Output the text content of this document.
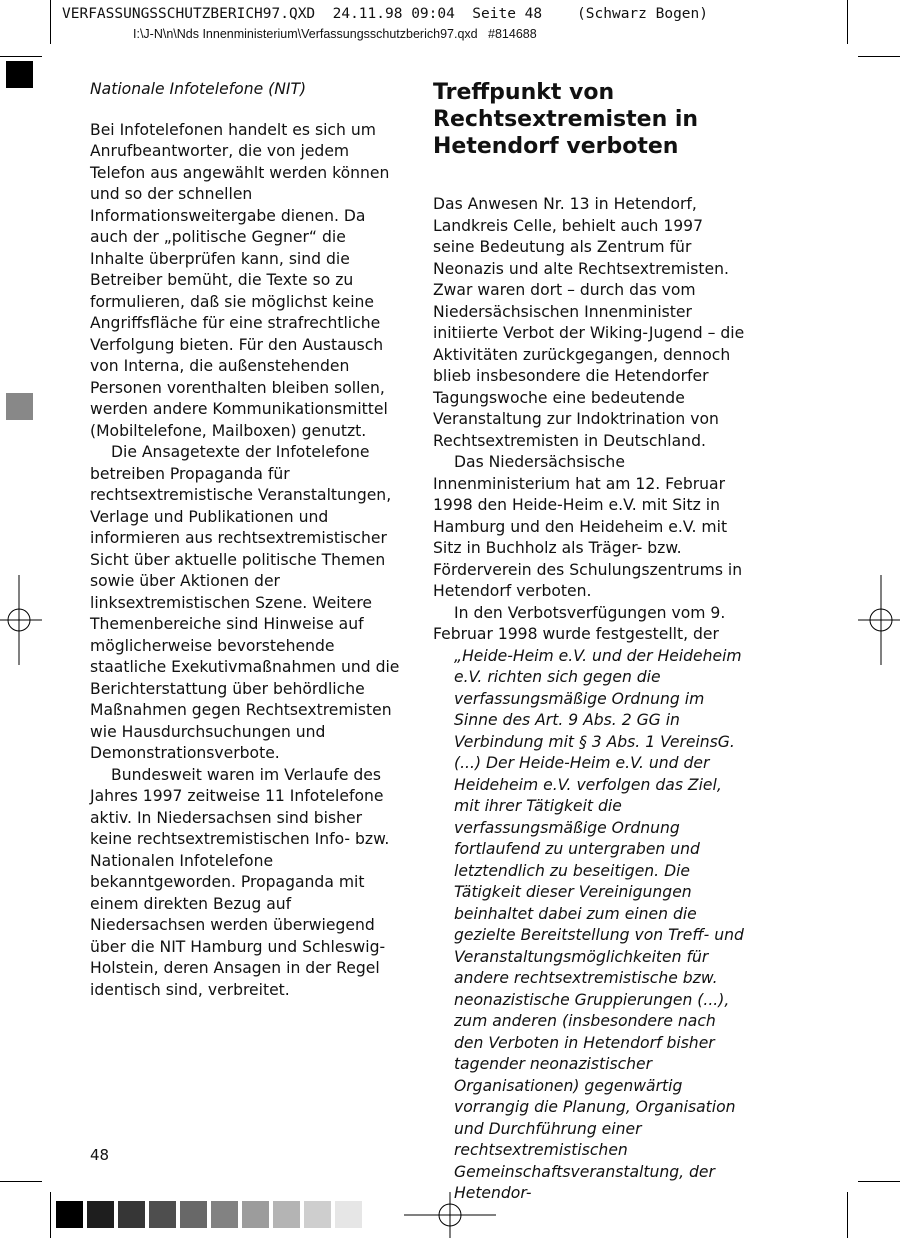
VERFASSUNGSSCHUTZBERICH97.QXD  24.11.98 09:04  Seite 48    (Schwarz Bogen)
I:\J-N\n\Nds Innenministerium\Verfassungsschutzberich97.qxd   #814688

Nationale Infotelefone (NIT)

Bei Infotelefonen handelt es sich um Anrufbeantworter, die von jedem Telefon aus angewählt werden können und so der schnellen Informationsweitergabe dienen. Da auch der „politische Gegner“ die Inhalte überprüfen kann, sind die Betreiber bemüht, die Texte so zu formulieren, daß sie möglichst keine Angriffsfläche für eine strafrechtliche Verfolgung bieten. Für den Austausch von Interna, die außenstehenden Personen vorenthalten bleiben sollen, werden andere Kommunikationsmittel (Mobiltelefone, Mailboxen) genutzt.

Die Ansagetexte der Infotelefone betreiben Propaganda für rechtsextremistische Veranstaltungen, Verlage und Publikationen und informieren aus rechtsextremistischer Sicht über aktuelle politische Themen sowie über Aktionen der linksextremistischen Szene. Weitere Themenbereiche sind Hinweise auf möglicherweise bevorstehende staatliche Exekutivmaßnahmen und die Berichterstattung über behördliche Maßnahmen gegen Rechtsextremisten wie Hausdurchsuchungen und Demonstrationsverbote.

Bundesweit waren im Verlaufe des Jahres 1997 zeitweise 11 Infotelefone aktiv. In Niedersachsen sind bisher keine rechtsextremistischen Info- bzw. Nationalen Infotelefone bekanntgeworden. Propaganda mit einem direkten Bezug auf Niedersachsen werden überwiegend über die NIT Hamburg und Schleswig-Holstein, deren Ansagen in der Regel identisch sind, verbreitet.

Treffpunkt von Rechtsextremisten in Hetendorf verboten

Das Anwesen Nr. 13 in Hetendorf, Landkreis Celle, behielt auch 1997 seine Bedeutung als Zentrum für Neonazis und alte Rechtsextremisten. Zwar waren dort – durch das vom Niedersächsischen Innenminister initiierte Verbot der Wiking-Jugend – die Aktivitäten zurückgegangen, dennoch blieb insbesondere die Hetendorfer Tagungswoche eine bedeutende Veranstaltung zur Indoktrination von Rechtsextremisten in Deutschland.

Das Niedersächsische Innenministerium hat am 12. Februar 1998 den Heide-Heim e.V. mit Sitz in Hamburg und den Heideheim e.V. mit Sitz in Buchholz als Träger- bzw. Förderverein des Schulungszentrums in Hetendorf verboten.

In den Verbotsverfügungen vom 9. Februar 1998 wurde festgestellt, der

„Heide-Heim e.V. und der Heideheim e.V. richten sich gegen die verfassungsmäßige Ordnung im Sinne des Art. 9 Abs. 2 GG in Verbindung mit § 3 Abs. 1 VereinsG. (...) Der Heide-Heim e.V. und der Heideheim e.V. verfolgen das Ziel, mit ihrer Tätigkeit die verfassungsmäßige Ordnung fortlaufend zu untergraben und letztendlich zu beseitigen. Die Tätigkeit dieser Vereinigungen beinhaltet dabei zum einen die gezielte Bereitstellung von Treff- und Veranstaltungsmöglichkeiten für andere rechtsextremistische bzw. neonazistische Gruppierungen (...), zum anderen (insbesondere nach den Verboten in Hetendorf bisher tagender neonazistischer Organisationen) gegenwärtig vorrangig die Planung, Organisation und Durchführung einer rechtsextremistischen Gemeinschaftsveranstaltung, der Hetendor-

48
